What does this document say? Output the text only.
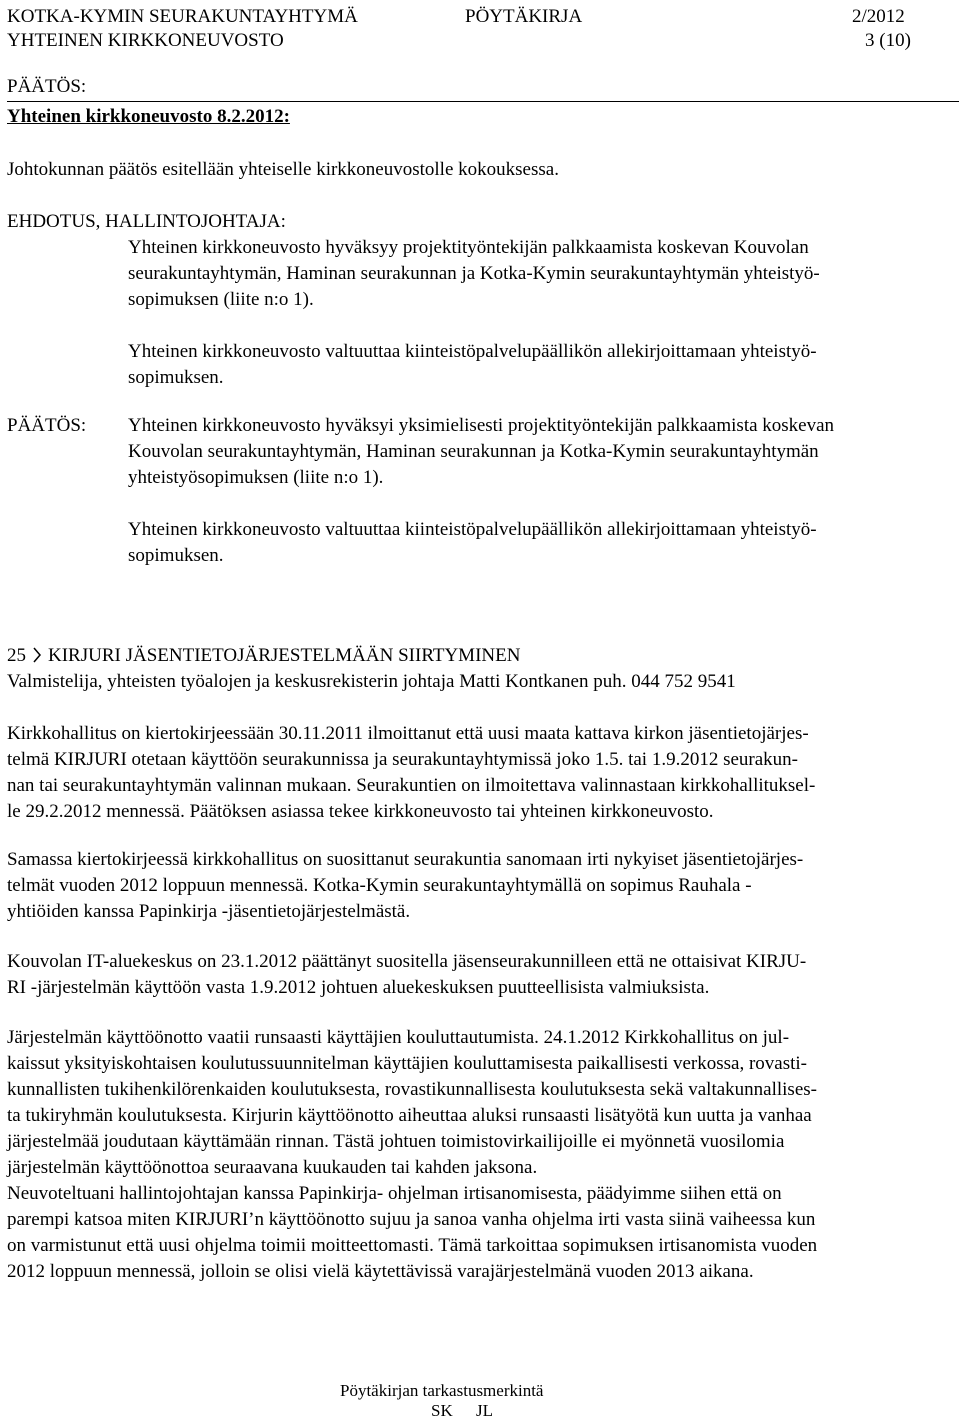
KOTKA-KYMIN SEURAKUNTAYHTYMÄ	PÖYTÄKIRJA	2/2012
YHTEINEN KIRKKONEUVOSTO	3 (10)
PÄÄTÖS:
Yhteinen kirkkoneuvosto 8.2.2012:
Johtokunnan päätös esitellään yhteiselle kirkkoneuvostolle kokouksessa.
EHDOTUS, HALLINTOJOHTAJA:
Yhteinen kirkkoneuvosto hyväksyy projektityöntekijän palkkaamista koskevan Kouvolan
seurakuntayhtymän, Haminan seurakunnan ja Kotka-Kymin seurakuntayhtymän yhteistyö-
sopimuksen (liite n:o 1).
Yhteinen kirkkoneuvosto valtuuttaa kiinteistöpalvelupäällikön allekirjoittamaan yhteistyö-
sopimuksen.
PÄÄTÖS: Yhteinen kirkkoneuvosto hyväksyi yksimielisesti projektityöntekijän palkkaamista koskevan
Kouvolan seurakuntayhtymän, Haminan seurakunnan ja Kotka-Kymin seurakuntayhtymän
yhteistyösopimuksen (liite n:o 1).
Yhteinen kirkkoneuvosto valtuuttaa kiinteistöpalvelupäällikön allekirjoittamaan yhteistyö-
sopimuksen.
25 KIRJURI JÄSENTIETOJÄRJESTELMÄÄN SIIRTYMINEN
Valmistelija, yhteisten työalojen ja keskusrekisterin johtaja Matti Kontkanen puh. 044 752 9541
Kirkkohallitus on kiertokirjeessään 30.11.2011 ilmoittanut että uusi maata kattava kirkon jäsentietojärjes-
telmä KIRJURI otetaan käyttöön seurakunnissa ja seurakuntayhtymissä joko 1.5. tai 1.9.2012 seurakun-
nan tai seurakuntayhtymän valinnan mukaan. Seurakuntien on ilmoitettava valinnastaan kirkkohallituksel-
le 29.2.2012 mennessä. Päätöksen asiassa tekee kirkkoneuvosto tai yhteinen kirkkoneuvosto.
Samassa kiertokirjeessä kirkkohallitus on suosittanut seurakuntia sanomaan irti nykyiset jäsentietojärjes-
telmät vuoden 2012 loppuun mennessä. Kotka-Kymin seurakuntayhtymällä on sopimus Rauhala -
yhtiöiden kanssa Papinkirja -jäsentietojärjestelmästä.
Kouvolan IT-aluekeskus on 23.1.2012 päättänyt suositella jäsenseurakunnilleen että ne ottaisivat KIRJU-
RI -järjestelmän käyttöön vasta 1.9.2012 johtuen aluekeskuksen puutteellisista valmiuksista.
Järjestelmän käyttöönotto vaatii runsaasti käyttäjien kouluttautumista. 24.1.2012 Kirkkohallitus on jul-
kaissut yksityiskohtaisen koulutussuunnitelman käyttäjien kouluttamisesta paikallisesti verkossa, rovasti-
kunnallisten tukihenkilörenkaiden koulutuksesta, rovastikunnallisesta koulutuksesta sekä valtakunnallises-
ta tukiryhmän koulutuksesta. Kirjurin käyttöönotto aiheuttaa aluksi runsaasti lisätyötä kun uutta ja vanhaa
järjestelmää joudutaan käyttämään rinnan. Tästä johtuen toimistovirkailijoille ei myönnetä vuosilomia
järjestelmän käyttöönottoa seuraavana kuukauden tai kahden jaksona.
Neuvoteltuani hallintojohtajan kanssa Papinkirja- ohjelman irtisanomisesta, päädyimme siihen että on
parempi katsoa miten KIRJURI’n käyttöönotto sujuu ja sanoa vanha ohjelma irti vasta siinä vaiheessa kun
on varmistunut että uusi ohjelma toimii moitteettomasti. Tämä tarkoittaa sopimuksen irtisanomista vuoden
2012 loppuun mennessä, jolloin se olisi vielä käytettävissä varajärjestelmänä vuoden 2013 aikana.
Pöytäkirjan tarkastusmerkintä
SK JL
